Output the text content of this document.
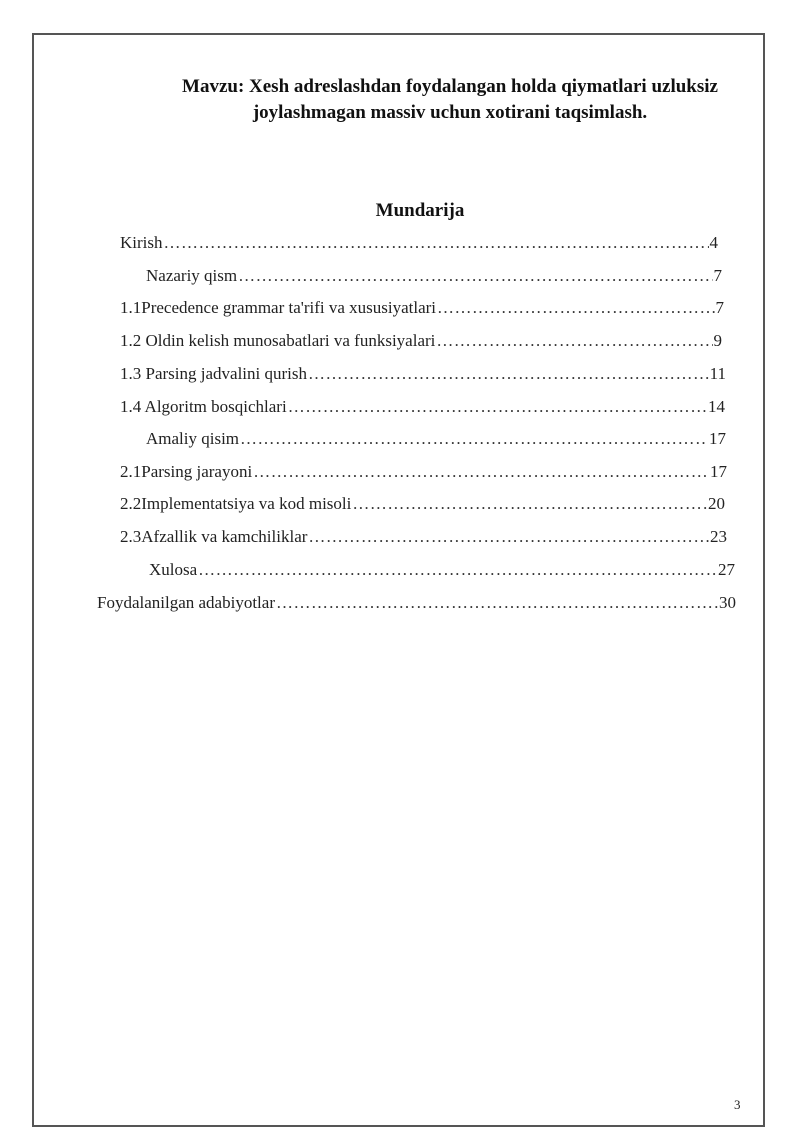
Mavzu: Xesh adreslashdan foydalangan holda qiymatlari uzluksiz
joylashmagan massiv uchun xotirani taqsimlash.
Mundarija
Kirish ……………………………………………………………………………………………………………………………………………………………………………………	4
Nazariy qism ……………………………………………………………………………………………………………………………………………………………………………………	7
1.1Precedence grammar ta'rifi va xususiyatlari ……………………………………………………………………………………………………………………………………………………………………………………	7
1.2 Oldin kelish munosabatlari va funksiyalari ……………………………………………………………………………………………………………………………………………………………………………………	9
1.3 Parsing jadvalini qurish ……………………………………………………………………………………………………………………………………………………………………………………	11
1.4 Algoritm bosqichlari ……………………………………………………………………………………………………………………………………………………………………………………	14
Amaliy qisim ……………………………………………………………………………………………………………………………………………………………………………………	17
2.1Parsing jarayoni ……………………………………………………………………………………………………………………………………………………………………………………	17
2.2Implementatsiya va kod misoli ……………………………………………………………………………………………………………………………………………………………………………………	20
2.3Afzallik va kamchiliklar ……………………………………………………………………………………………………………………………………………………………………………………	23
Xulosa ……………………………………………………………………………………………………………………………………………………………………………………	27
Foydalanilgan adabiyotlar ……………………………………………………………………………………………………………………………………………………………………………………	30
3
